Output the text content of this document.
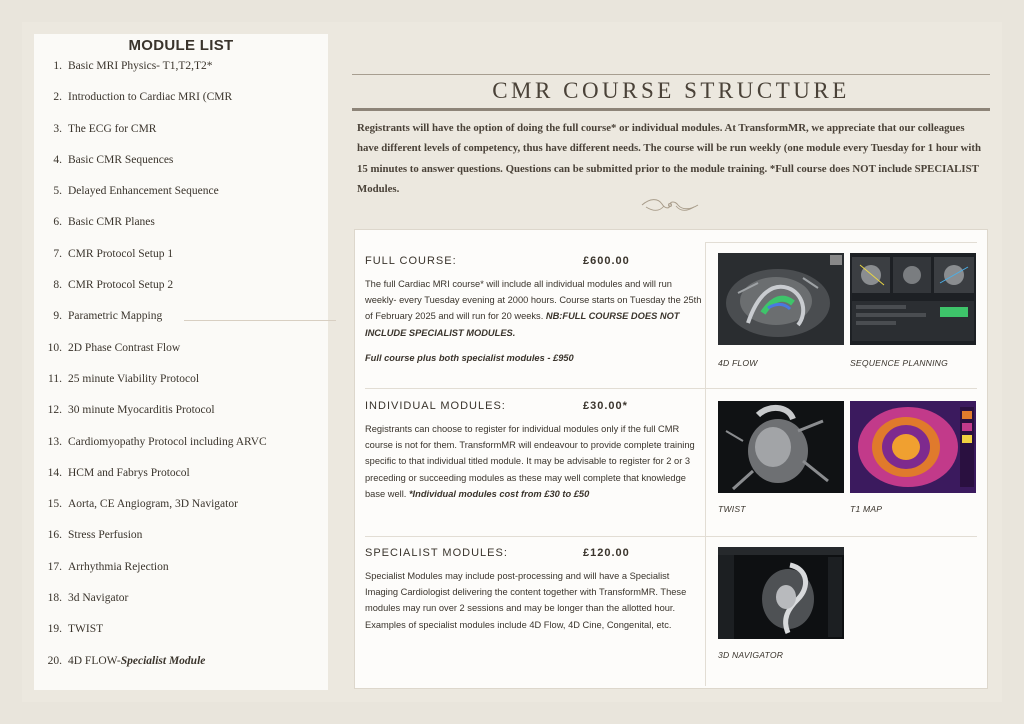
MODULE LIST
1. Basic MRI Physics- T1,T2,T2*
2. Introduction to Cardiac MRI (CMR
3. The ECG for CMR
4. Basic CMR Sequences
5. Delayed Enhancement Sequence
6. Basic CMR Planes
7. CMR Protocol Setup 1
8. CMR Protocol Setup 2
9. Parametric Mapping
10. 2D Phase Contrast Flow
11. 25 minute Viability Protocol
12. 30 minute Myocarditis Protocol
13. Cardiomyopathy Protocol including ARVC
14. HCM and Fabrys Protocol
15. Aorta, CE Angiogram, 3D Navigator
16. Stress Perfusion
17. Arrhythmia Rejection
18. 3d Navigator
19. TWIST
20. 4D FLOW- Specialist Module
CMR COURSE STRUCTURE

Registrants will have the option of doing the full course* or individual modules. At TransformMR, we appreciate that our colleagues have different levels of competency, thus have different needs. The course will be run weekly (one module every Tuesday for 1 hour with 15 minutes to answer questions. Questions can be submitted prior to the module training. *Full course does NOT include SPECIALIST Modules.

FULL COURSE:	£600.00
The full Cardiac MRI course* will include all individual modules and will run weekly- every Tuesday evening at 2000 hours. Course starts on Tuesday the 25th of February 2025 and will run for 20 weeks. NB:FULL COURSE DOES NOT INCLUDE SPECIALIST MODULES.
Full course plus both specialist modules - £950
INDIVIDUAL MODULES:	£30.00*
Registrants can choose to register for individual modules only if the full CMR course is not for them. TransformMR will endeavour to provide complete training specific to that individual titled module. It may be advisable to register for 2 or 3 preceding or succeeding modules as these may well complete that knowledge base well. *Individual modules cost from £30 to £50
SPECIALIST MODULES:	£120.00
Specialist Modules may include post-processing and will have a Specialist Imaging Cardiologist delivering the content together with TransformMR. These modules may run over 2 sessions and may be longer than the allotted hour. Examples of specialist modules include 4D Flow, 4D Cine, Congenital, etc.
4D FLOW	SEQUENCE PLANNING
TWIST	T1 MAP
3D NAVIGATOR
